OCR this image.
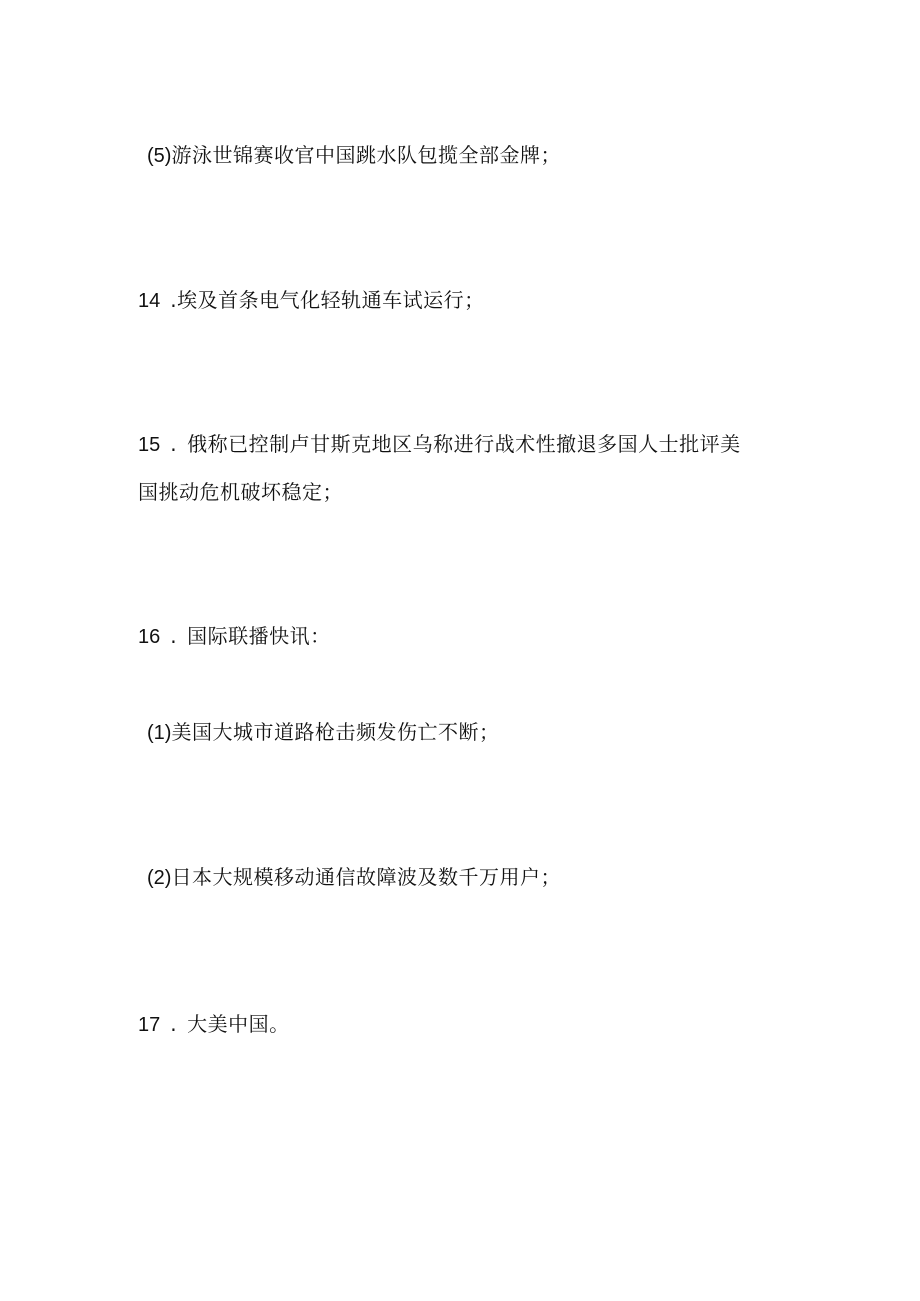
(5)游泳世锦赛收官中国跳水队包揽全部金牌；
14 .埃及首条电气化轻轨通车试运行；
15 . 俄称已控制卢甘斯克地区乌称进行战术性撤退多国人士批评美
国挑动危机破坏稳定；
16 . 国际联播快讯：
(1)美国大城市道路枪击频发伤亡不断；
(2)日本大规模移动通信故障波及数千万用户；
17 . 大美中国。
